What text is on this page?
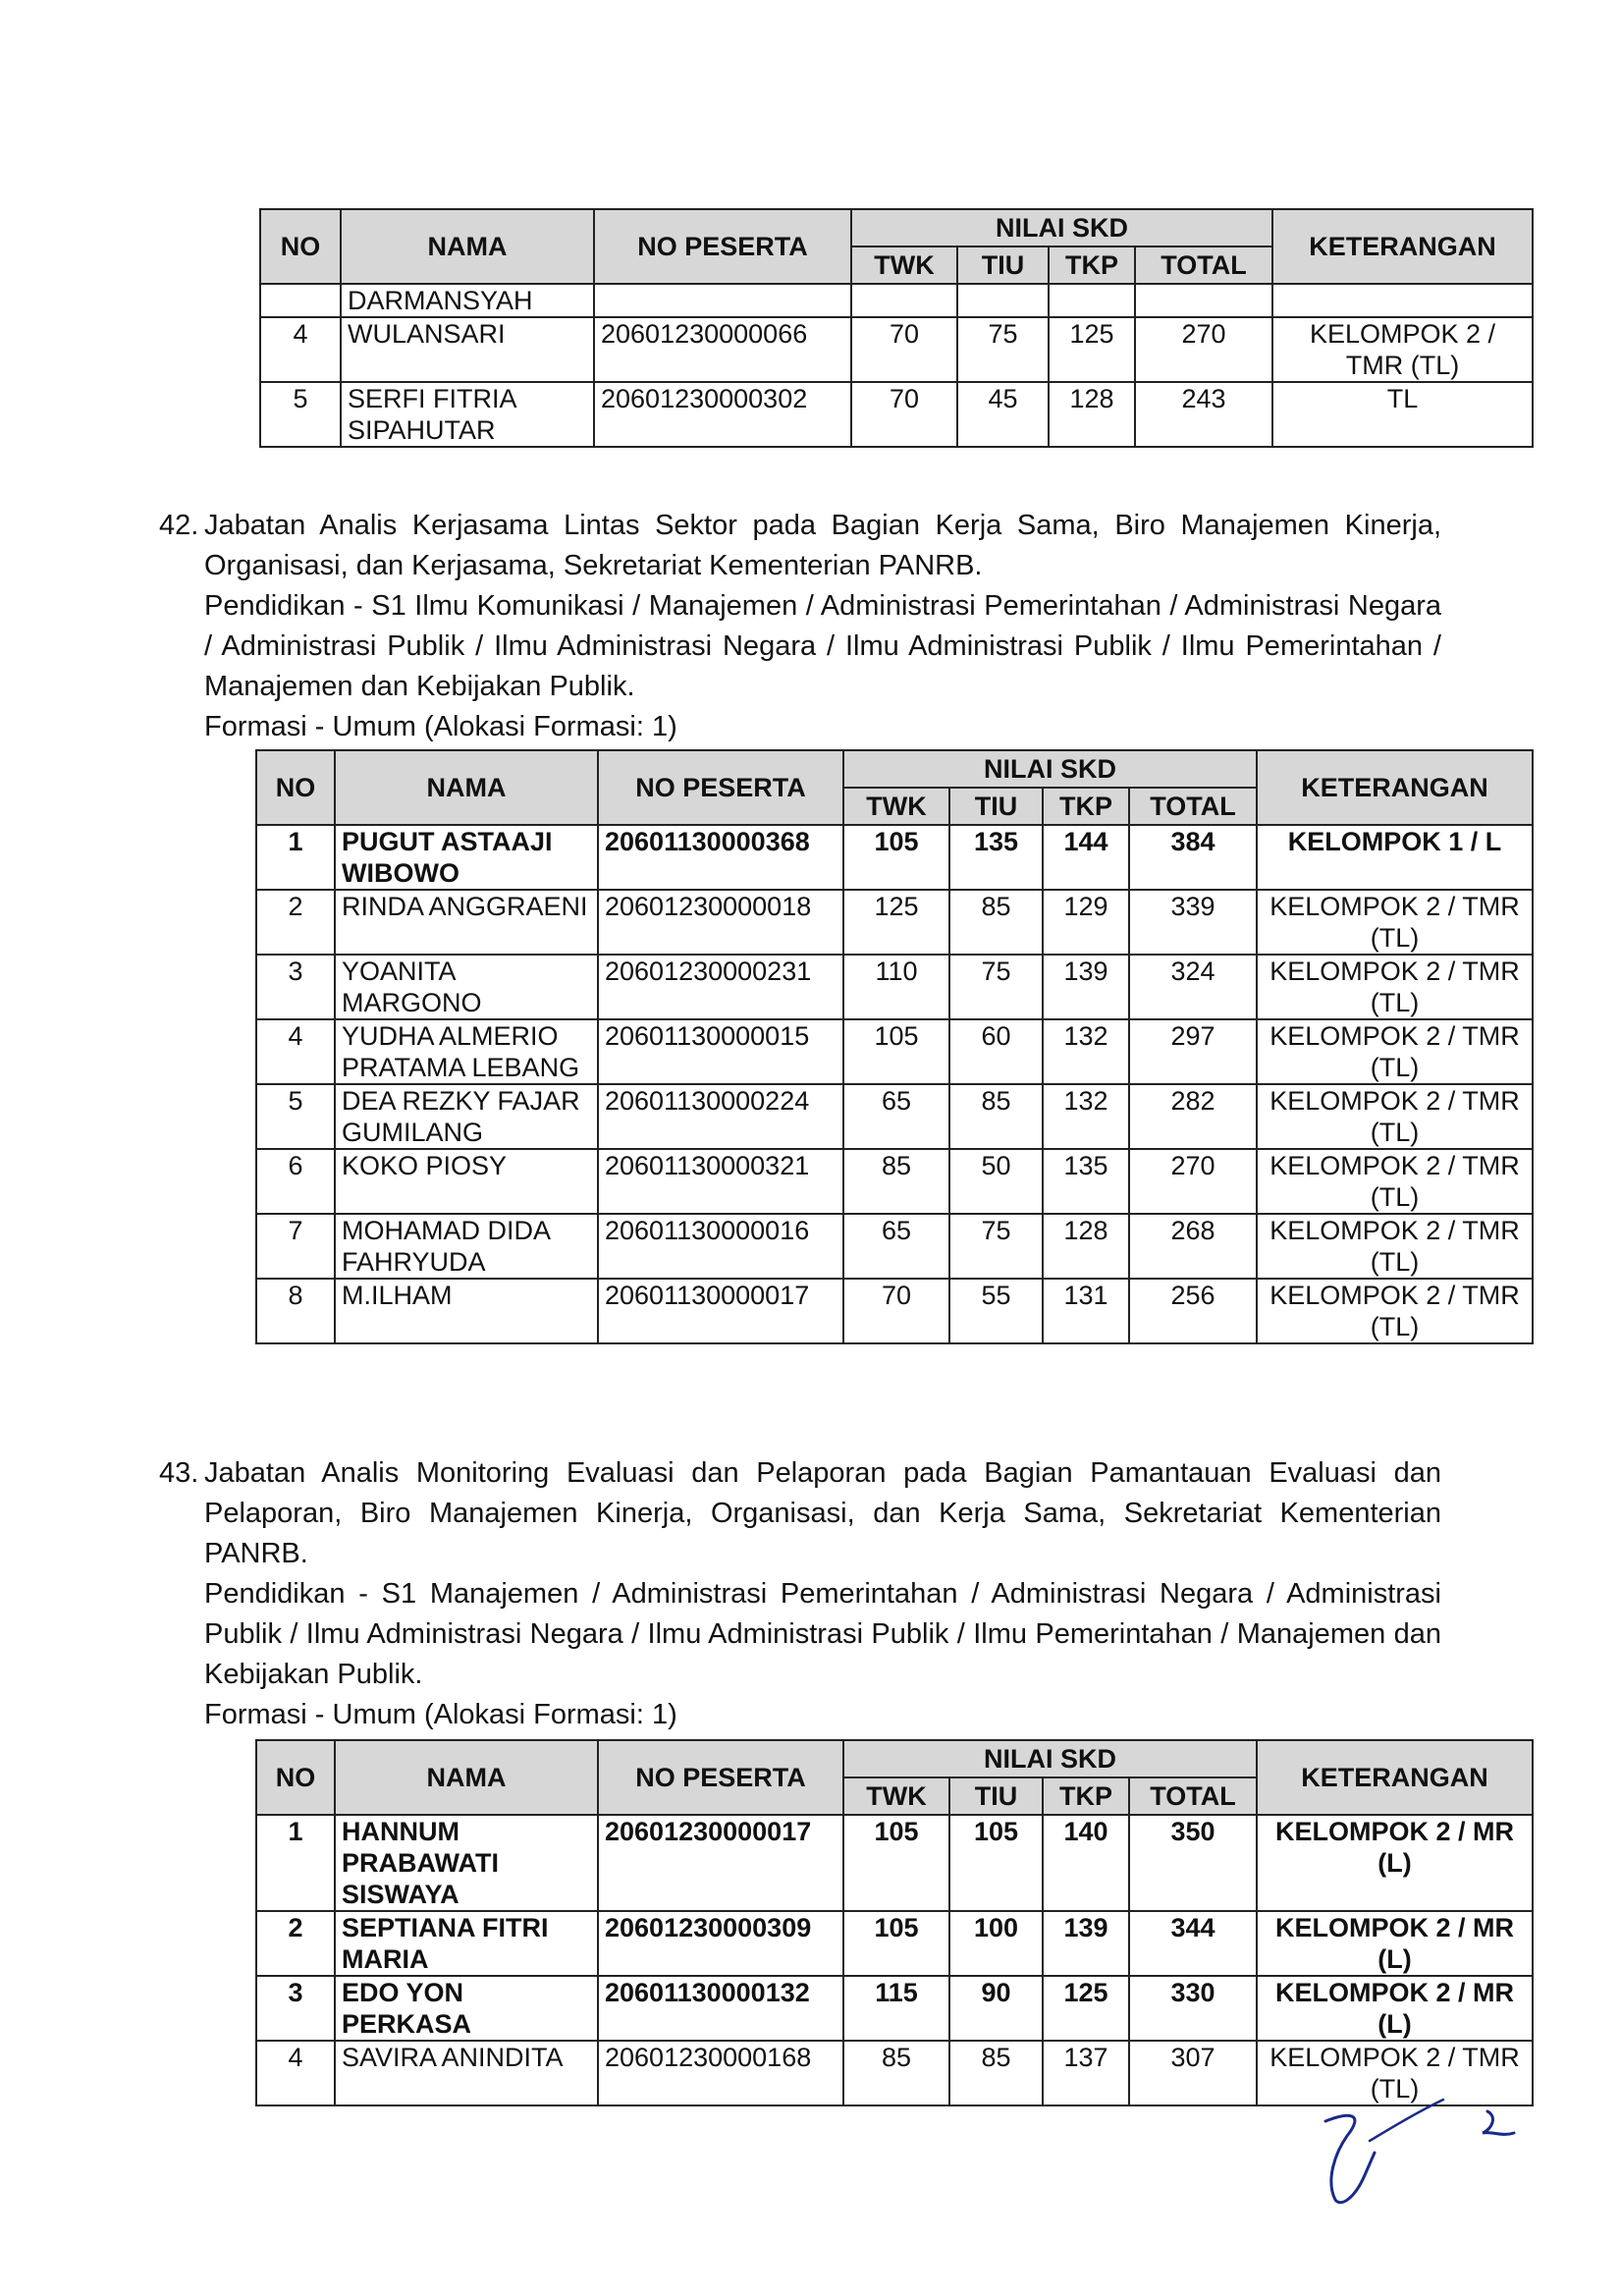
NO	NAMA	NO PESERTA	NILAI SKD				KETERANGAN
			TWK	TIU	TKP	TOTAL	
	DARMANSYAH						
4	WULANSARI	20601230000066	70	75	125	270	KELOMPOK 2 / TMR (TL)
5	SERFI FITRIA SIPAHUTAR	20601230000302	70	45	128	243	TL
42. Jabatan Analis Kerjasama Lintas Sektor pada Bagian Kerja Sama, Biro Manajemen Kinerja, Organisasi, dan Kerjasama, Sekretariat Kementerian PANRB.

Pendidikan - S1 Ilmu Komunikasi / Manajemen / Administrasi Pemerintahan / Administrasi Negara / Administrasi Publik / Ilmu Administrasi Negara / Ilmu Administrasi Publik / Ilmu Pemerintahan / Manajemen dan Kebijakan Publik.

Formasi - Umum (Alokasi Formasi: 1)

NO	NAMA	NO PESERTA	NILAI SKD				KETERANGAN
			TWK	TIU	TKP	TOTAL	
1	PUGUT ASTAAJI WIBOWO	20601130000368	105	135	144	384	KELOMPOK 1 / L
2	RINDA ANGGRAENI	20601230000018	125	85	129	339	KELOMPOK 2 / TMR (TL)
3	YOANITA MARGONO	20601230000231	110	75	139	324	KELOMPOK 2 / TMR (TL)
4	YUDHA ALMERIO PRATAMA LEBANG	20601130000015	105	60	132	297	KELOMPOK 2 / TMR (TL)
5	DEA REZKY FAJAR GUMILANG	20601130000224	65	85	132	282	KELOMPOK 2 / TMR (TL)
6	KOKO PIOSY	20601130000321	85	50	135	270	KELOMPOK 2 / TMR (TL)
7	MOHAMAD DIDA FAHRYUDA	20601130000016	65	75	128	268	KELOMPOK 2 / TMR (TL)
8	M.ILHAM	20601130000017	70	55	131	256	KELOMPOK 2 / TMR (TL)
43. Jabatan Analis Monitoring Evaluasi dan Pelaporan pada Bagian Pamantauan Evaluasi dan Pelaporan, Biro Manajemen Kinerja, Organisasi, dan Kerja Sama, Sekretariat Kementerian PANRB.

Pendidikan - S1 Manajemen / Administrasi Pemerintahan / Administrasi Negara / Administrasi Publik / Ilmu Administrasi Negara / Ilmu Administrasi Publik / Ilmu Pemerintahan / Manajemen dan Kebijakan Publik.

Formasi - Umum (Alokasi Formasi: 1)

NO	NAMA	NO PESERTA	NILAI SKD				KETERANGAN
			TWK	TIU	TKP	TOTAL	
1	HANNUM PRABAWATI SISWAYA	20601230000017	105	105	140	350	KELOMPOK 2 / MR (L)
2	SEPTIANA FITRI MARIA	20601230000309	105	100	139	344	KELOMPOK 2 / MR (L)
3	EDO YON PERKASA	20601130000132	115	90	125	330	KELOMPOK 2 / MR (L)
4	SAVIRA ANINDITA	20601230000168	85	85	137	307	KELOMPOK 2 / TMR (TL)
